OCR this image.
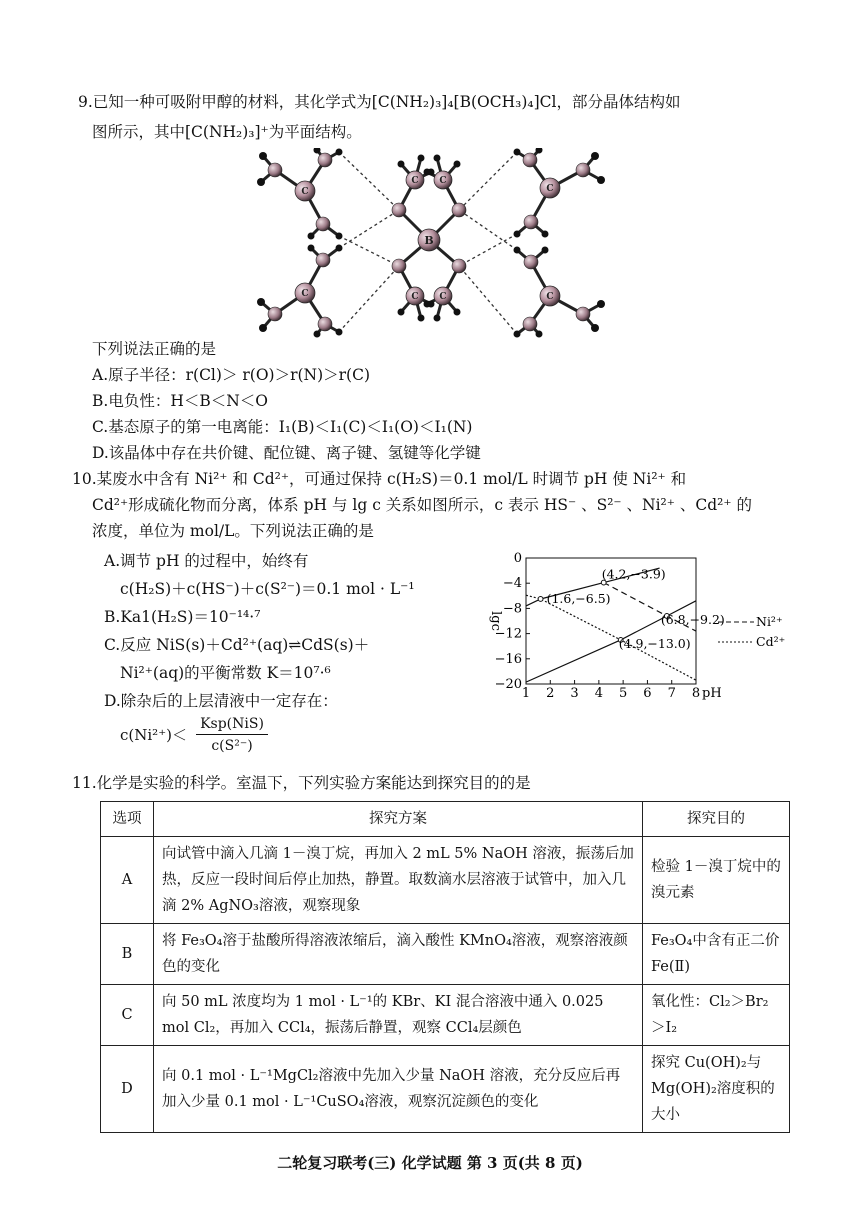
9.已知一种可吸附甲醇的材料，其化学式为[C(NH₂)₃]₄[B(OCH₃)₄]Cl，部分晶体结构如
图所示，其中[C(NH₂)₃]⁺为平面结构。
C
C
C
C
C C
C C
B
下列说法正确的是
A.原子半径：r(Cl)＞ r(O)＞r(N)＞r(C)
B.电负性：H＜B＜N＜O
C.基态原子的第一电离能：I₁(B)＜I₁(C)＜I₁(O)＜I₁(N)
D.该晶体中存在共价键、配位键、离子键、氢键等化学键
10.某废水中含有 Ni²⁺ 和 Cd²⁺，可通过保持 c(H₂S)＝0.1 mol/L 时调节 pH 使 Ni²⁺ 和
Cd²⁺形成硫化物而分离，体系 pH 与 lg c 关系如图所示，c 表示 HS⁻ 、S²⁻ 、Ni²⁺ 、Cd²⁺ 的
浓度，单位为 mol/L。下列说法正确的是
A.调节 pH 的过程中，始终有
c(H₂S)＋c(HS⁻)＋c(S²⁻)＝0.1 mol · L⁻¹
B.Ka1(H₂S)＝10⁻¹⁴·⁷
C.反应 NiS(s)＋Cd²⁺(aq)⇌CdS(s)＋
Ni²⁺(aq)的平衡常数 K＝10⁷·⁶
D.除杂后的上层清液中一定存在：
c(Ni²⁺)＜
Ksp(NiS)
c(S²⁻)
1 2 3 4 5 6 7 8
0
−4
−8
−12
−16
−20
pH
lgc
(4.2,−3.9)
(1.6,−6.5)
(6.8,−9.2)
(4.9,−13.0)
Ni²⁺
Cd²⁺
11.化学是实验的科学。室温下，下列实验方案能达到探究目的的是
选项	探究方案	探究目的
A	向试管中滴入几滴 1－溴丁烷，再加入 2 mL 5% NaOH 溶液，振荡后加热，反应一段时间后停止加热，静置。取数滴水层溶液于试管中，加入几滴 2% AgNO₃溶液，观察现象	检验 1－溴丁烷中的溴元素
B	将 Fe₃O₄溶于盐酸所得溶液浓缩后，滴入酸性 KMnO₄溶液，观察溶液颜色的变化	Fe₃O₄中含有正二价 Fe(Ⅱ)
C	向 50 mL 浓度均为 1 mol · L⁻¹的 KBr、KI 混合溶液中通入 0.025 mol Cl₂，再加入 CCl₄，振荡后静置，观察 CCl₄层颜色	氧化性：Cl₂＞Br₂＞I₂
D	向 0.1 mol · L⁻¹MgCl₂溶液中先加入少量 NaOH 溶液，充分反应后再加入少量 0.1 mol · L⁻¹CuSO₄溶液，观察沉淀颜色的变化	探究 Cu(OH)₂与 Mg(OH)₂溶度积的大小
二轮复习联考(三) 化学试题 第 3 页(共 8 页)
